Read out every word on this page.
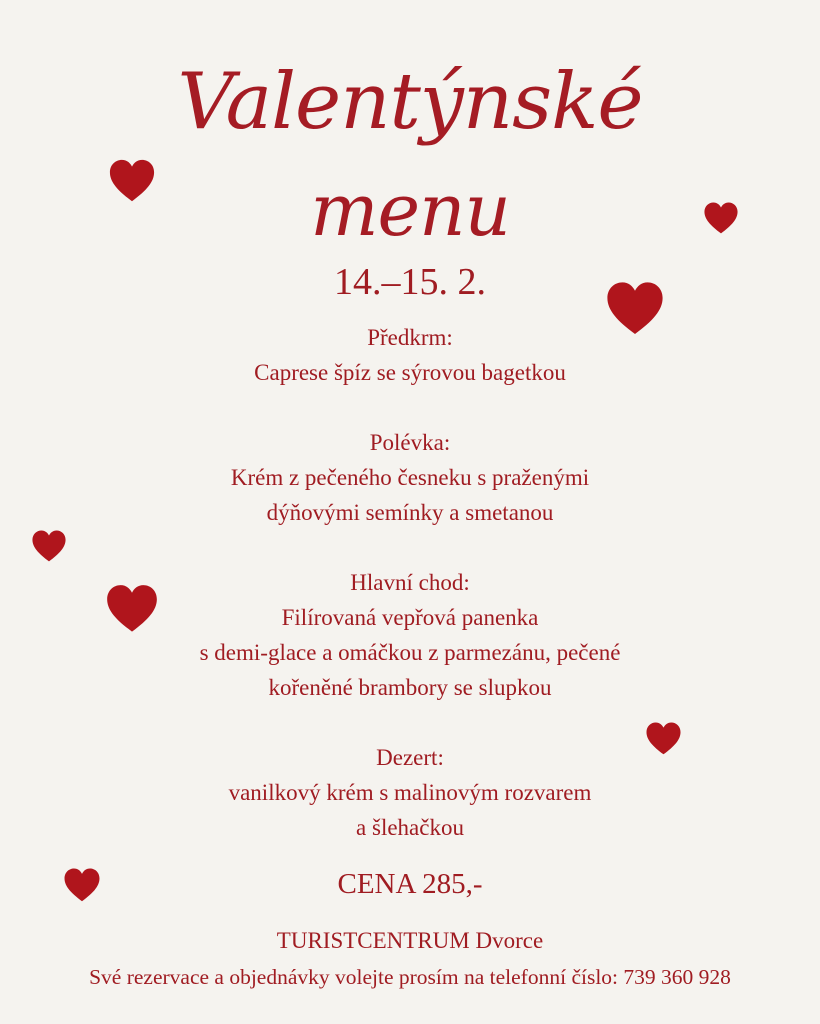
Valentýnské
menu
14.–15. 2.
Předkrm:
Caprese špíz se sýrovou bagetkou
Polévka:
Krém z pečeného česneku s praženými
dýňovými semínky a smetanou
Hlavní chod:
Filírovaná vepřová panenka
s demi-glace a omáčkou z parmezánu, pečené
kořeněné brambory se slupkou
Dezert:
vanilkový krém s malinovým rozvarem
a šlehačkou
CENA 285,-
TURISTCENTRUM Dvorce
Své rezervace a objednávky volejte prosím na telefonní číslo: 739 360 928
